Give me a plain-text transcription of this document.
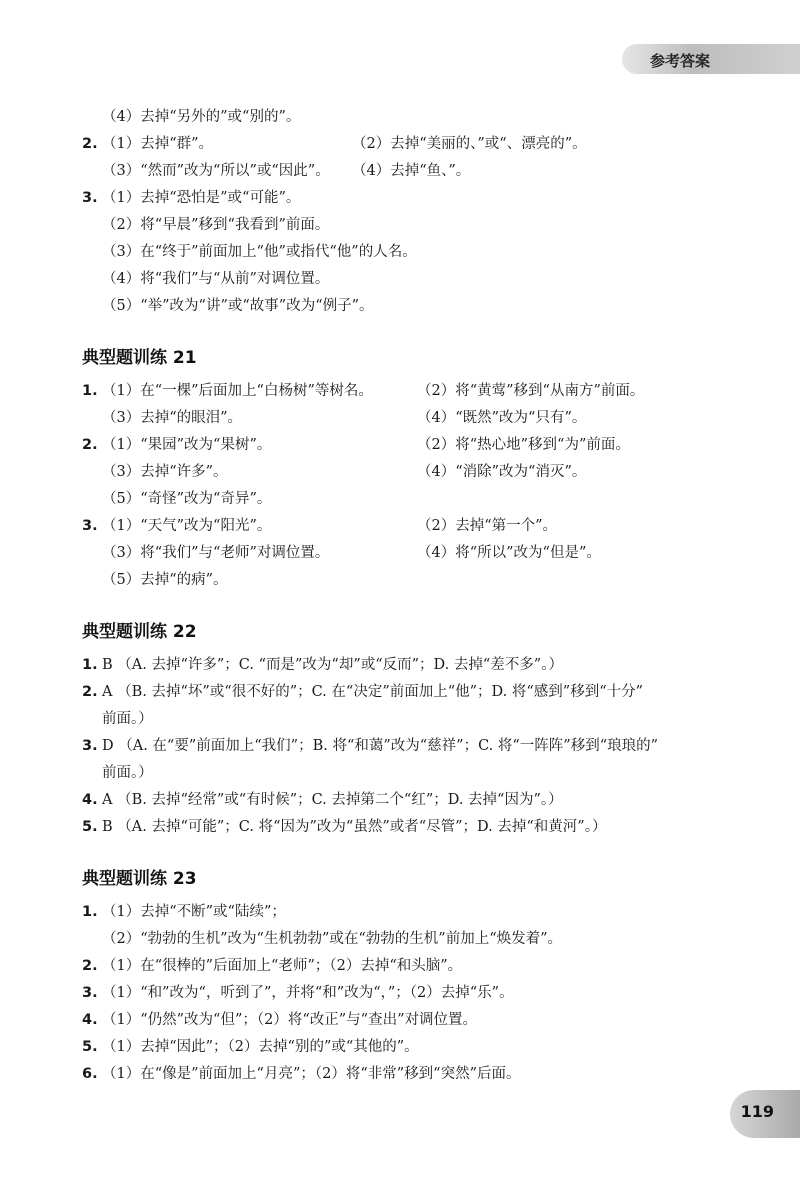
参考答案
（4）去掉“另外的”或“别的”。
2. （1）去掉“群”。	（2）去掉“美丽的、”或“、漂亮的”。
（3）“然而”改为“所以”或“因此”。 （4）去掉“鱼、”。
3. （1）去掉“恐怕是”或“可能”。
（2）将“早晨”移到“我看到”前面。
（3）在“终于”前面加上“他”或指代“他”的人名。
（4）将“我们”与“从前”对调位置。
（5）“举”改为“讲”或“故事”改为“例子”。
典型题训练 21
1. （1）在“一棵”后面加上“白杨树”等树名。	（2）将“黄莺”移到“从南方”前面。
（3）去掉“的眼泪”。	（4）“既然”改为“只有”。
2. （1）“果园”改为“果树”。	（2）将“热心地”移到“为”前面。
（3）去掉“许多”。	（4）“消除”改为“消灭”。
（5）“奇怪”改为“奇异”。
3. （1）“天气”改为“阳光”。	（2）去掉“第一个”。
（3）将“我们”与“老师”对调位置。	（4）将“所以”改为“但是”。
（5）去掉“的病”。
典型题训练 22
1. B （A. 去掉“许多”；C. “而是”改为“却”或“反而”；D. 去掉“差不多”。）
2. A （B. 去掉“坏”或“很不好的”；C. 在“决定”前面加上“他”；D. 将“感到”移到“十分”
前面。）
3. D （A. 在“要”前面加上“我们”；B. 将“和蔼”改为“慈祥”；C. 将“一阵阵”移到“琅琅的”
前面。）
4. A （B. 去掉“经常”或“有时候”；C. 去掉第二个“红”；D. 去掉“因为”。）
5. B （A. 去掉“可能”；C. 将“因为”改为“虽然”或者“尽管”；D. 去掉“和黄河”。）
典型题训练 23
1. （1）去掉“不断”或“陆续”；
（2）“勃勃的生机”改为“生机勃勃”或在“勃勃的生机”前加上“焕发着”。
2. （1）在“很棒的”后面加上“老师”；（2）去掉“和头脑”。
3. （1）“和”改为“，听到了”，并将“和”改为“，”；（2）去掉“乐”。
4. （1）“仍然”改为“但”；（2）将“改正”与“查出”对调位置。
5. （1）去掉“因此”；（2）去掉“别的”或“其他的”。
6. （1）在“像是”前面加上“月亮”；（2）将“非常”移到“突然”后面。
119
